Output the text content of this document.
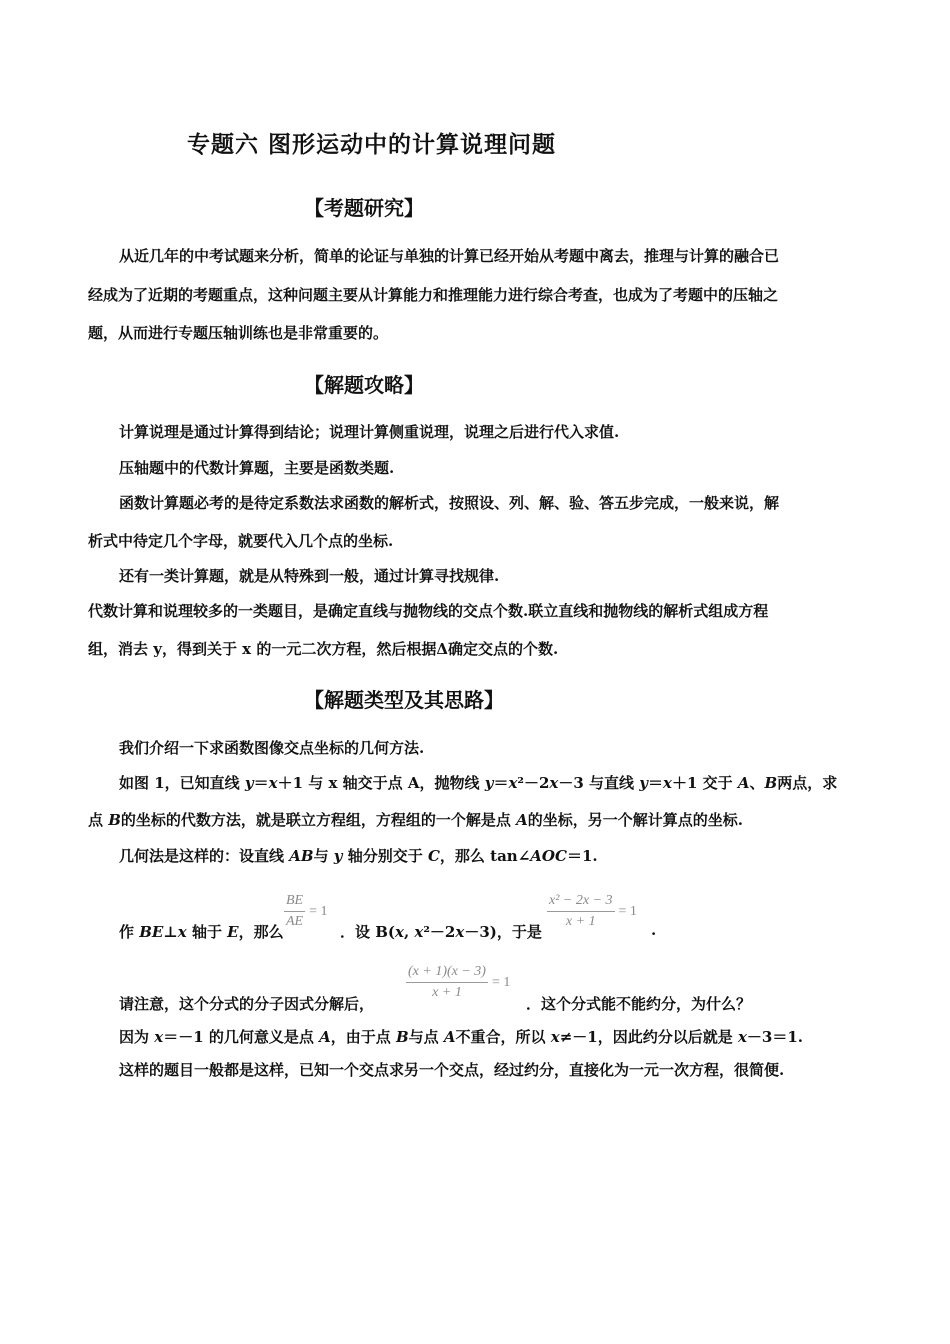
专题六 图形运动中的计算说理问题
【考题研究】
从近几年的中考试题来分析，简单的论证与单独的计算已经开始从考题中离去，推理与计算的融合已
经成为了近期的考题重点，这种问题主要从计算能力和推理能力进行综合考查，也成为了考题中的压轴之
题，从而进行专题压轴训练也是非常重要的。
【解题攻略】
计算说理是通过计算得到结论；说理计算侧重说理，说理之后进行代入求值.
压轴题中的代数计算题，主要是函数类题.
函数计算题必考的是待定系数法求函数的解析式，按照设、列、解、验、答五步完成，一般来说，解
析式中待定几个字母，就要代入几个点的坐标.
还有一类计算题，就是从特殊到一般，通过计算寻找规律.
代数计算和说理较多的一类题目，是确定直线与抛物线的交点个数.联立直线和抛物线的解析式组成方程
组，消去 y，得到关于 x 的一元二次方程，然后根据Δ确定交点的个数.
【解题类型及其思路】
我们介绍一下求函数图像交点坐标的几何方法.
如图 1，已知直线 y＝x＋1 与 x 轴交于点 A，抛物线 y＝x²－2x－3 与直线 y＝x＋1 交于 A、B两点，求
点 B的坐标的代数方法，就是联立方程组，方程组的一个解是点 A的坐标，另一个解计算点的坐标.
几何法是这样的：设直线 AB与 y 轴分别交于 C，那么 tan∠AOC＝1.
作 BE⊥x 轴于 E，那么
$\frac{BE}{AE} = 1$
．设 B(x, x²－2x－3)，于是
$\frac{\text{x² − 2x − 3}}{x + 1} = 1$
.
$\frac{(x + 1)(x - 3)}{x + 1} = 1$
请注意，这个分式的分子因式分解后，	．这个分式能不能约分，为什么？
因为 x＝－1 的几何意义是点 A，由于点 B与点 A不重合，所以 x≠－1，因此约分以后就是 x－3＝1.
这样的题目一般都是这样，已知一个交点求另一个交点，经过约分，直接化为一元一次方程，很简便.
